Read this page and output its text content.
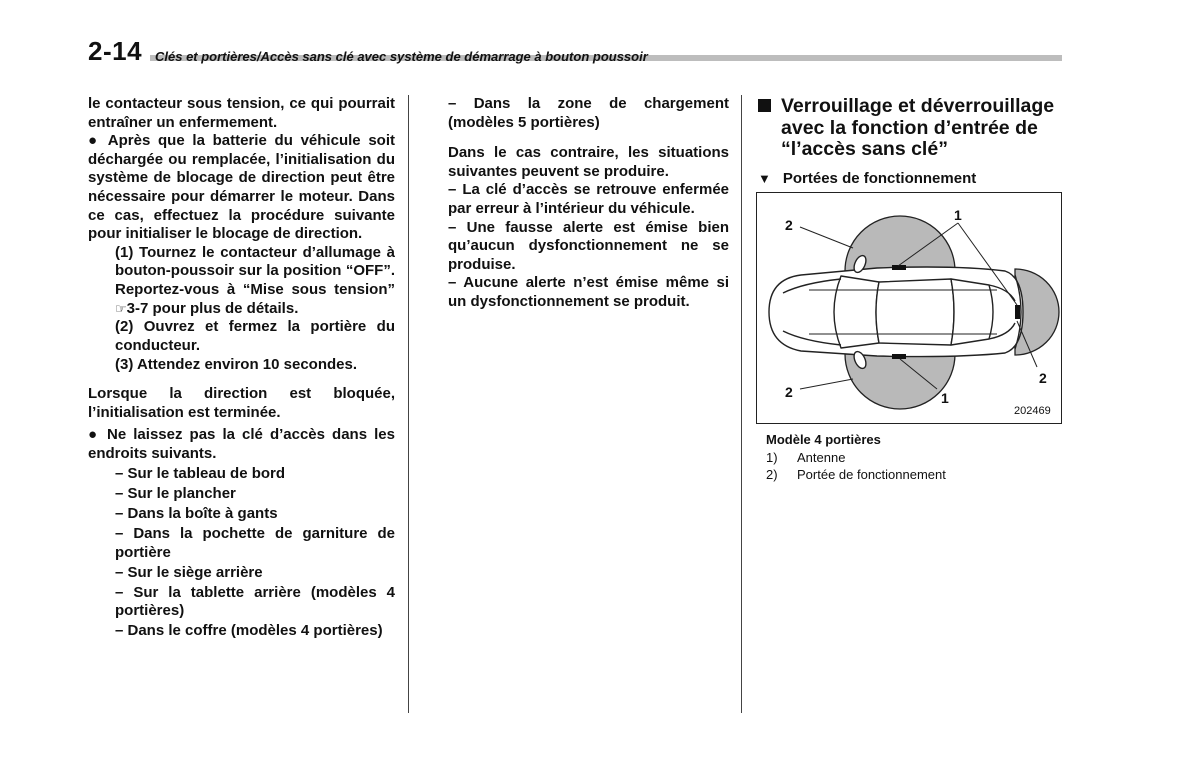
2-14 Clés et portières/Accès sans clé avec système de démarrage à bouton poussoir

le contacteur sous tension, ce qui pourrait entraîner un enfermement.

● Après que la batterie du véhicule soit déchargée ou remplacée, l’initialisation du système de blocage de direction peut être nécessaire pour démarrer le moteur. Dans ce cas, effectuez la procédure suivante pour initialiser le blocage de direction.

(1) Tournez le contacteur d’allumage à bouton-poussoir sur la position “OFF”. Reportez-vous à “Mise sous tension” ☞3-7 pour plus de détails.

(2) Ouvrez et fermez la portière du conducteur.

(3) Attendez environ 10 secondes.

Lorsque la direction est bloquée, l’initialisation est terminée.

● Ne laissez pas la clé d’accès dans les endroits suivants.

– Sur le tableau de bord

– Sur le plancher

– Dans la boîte à gants

– Dans la pochette de garniture de portière

– Sur le siège arrière

– Sur la tablette arrière (modèles 4 portières)

– Dans le coffre (modèles 4 portières)

– Dans la zone de chargement (modèles 5 portières)

Dans le cas contraire, les situations suivantes peuvent se produire.

– La clé d’accès se retrouve enfermée par erreur à l’intérieur du véhicule.

– Une fausse alerte est émise bien qu’aucun dysfonctionnement ne se produise.

– Aucune alerte n’est émise même si un dysfonctionnement se produit.

Verrouillage et déverrouillage avec la fonction d’entrée de “l’accès sans clé”
▼ Portées de fonctionnement
1
2
2	1
2
202469
Modèle 4 portières
1)	Antenne
2)	Portée de fonctionnement
